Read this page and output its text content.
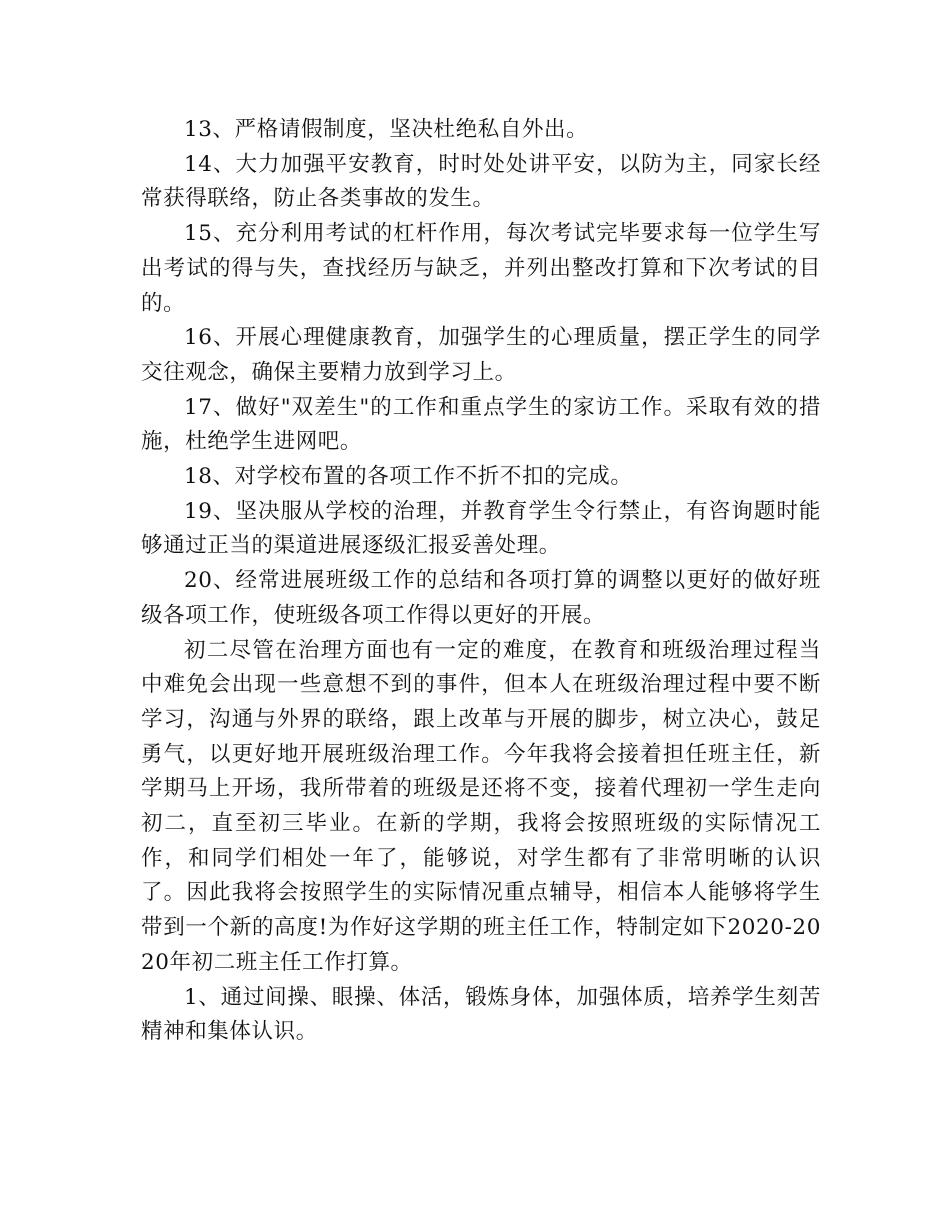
13、严格请假制度，坚决杜绝私自外出。

14、大力加强平安教育，时时处处讲平安，以防为主，同家长经常获得联络，防止各类事故的发生。

15、充分利用考试的杠杆作用，每次考试完毕要求每一位学生写出考试的得与失，查找经历与缺乏，并列出整改打算和下次考试的目的。

16、开展心理健康教育，加强学生的心理质量，摆正学生的同学交往观念，确保主要精力放到学习上。

17、做好"双差生"的工作和重点学生的家访工作。采取有效的措施，杜绝学生进网吧。

18、对学校布置的各项工作不折不扣的完成。

19、坚决服从学校的治理，并教育学生令行禁止，有咨询题时能够通过正当的渠道进展逐级汇报妥善处理。

20、经常进展班级工作的总结和各项打算的调整以更好的做好班级各项工作，使班级各项工作得以更好的开展。

初二尽管在治理方面也有一定的难度，在教育和班级治理过程当中难免会出现一些意想不到的事件，但本人在班级治理过程中要不断学习，沟通与外界的联络，跟上改革与开展的脚步，树立决心，鼓足勇气，以更好地开展班级治理工作。今年我将会接着担任班主任，新学期马上开场，我所带着的班级是还将不变，接着代理初一学生走向初二，直至初三毕业。在新的学期，我将会按照班级的实际情况工作，和同学们相处一年了，能够说，对学生都有了非常明晰的认识了。因此我将会按照学生的实际情况重点辅导，相信本人能够将学生带到一个新的高度!为作好这学期的班主任工作，特制定如下2020-2020年初二班主任工作打算。

1、通过间操、眼操、体活，锻炼身体，加强体质，培养学生刻苦精神和集体认识。
